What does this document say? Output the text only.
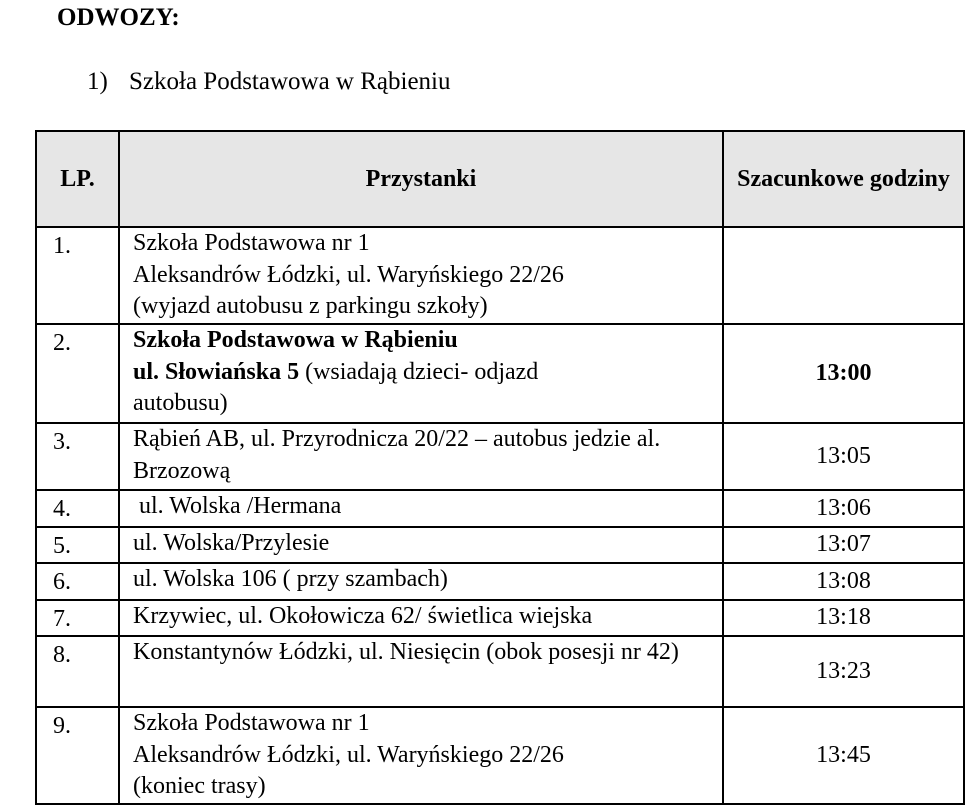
ODWOZY:
1) Szkoła Podstawowa w Rąbieniu
LP.	Przystanki	Szacunkowe godziny
1.	Szkoła Podstawowa nr 1
Aleksandrów Łódzki, ul. Waryńskiego 22/26
(wyjazd autobusu z parkingu szkoły)	

2.	Szkoła Podstawowa w Rąbieniu
ul. Słowiańska 5 (wsiadają dzieci- odjazd
autobusu)	13:00
3.	Rąbień AB, ul. Przyrodnicza 20/22 – autobus jedzie al. Brzozową	13:05
4.	ul. Wolska /Hermana	13:06
5.	ul. Wolska/Przylesie	13:07
6.	ul. Wolska 106 ( przy szambach)	13:08
7.	Krzywiec, ul. Okołowicza 62/ świetlica wiejska	13:18
8.	Konstantynów Łódzki, ul. Niesięcin (obok posesji nr 42)	13:23
9.	Szkoła Podstawowa nr 1
Aleksandrów Łódzki, ul. Waryńskiego 22/26
(koniec trasy)	13:45
